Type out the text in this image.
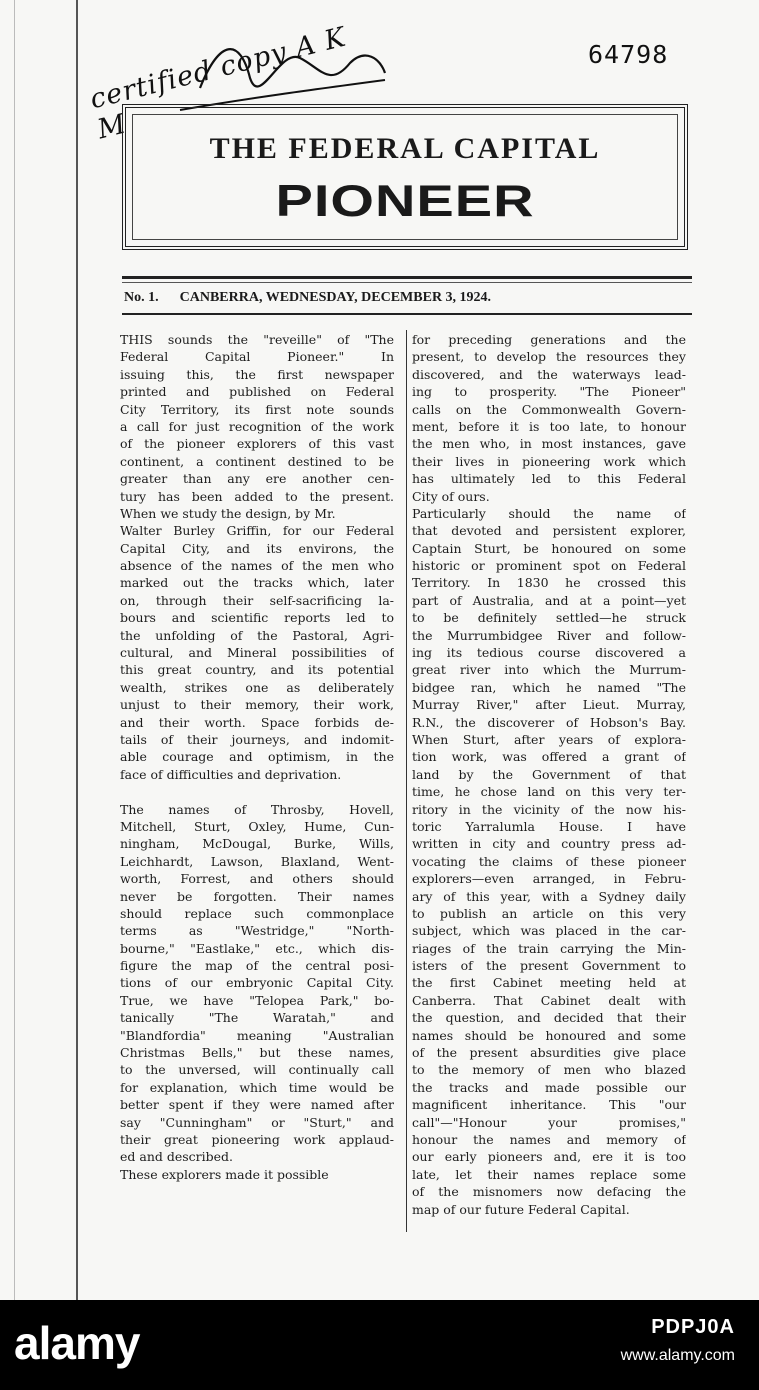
certified copy A K M
64798
THE FEDERAL CAPITAL
PIONEER
No. 1. CANBERRA, WEDNESDAY, DECEMBER 3, 1924.
THIS sounds the "reveille" of "The
Federal Capital Pioneer." In
issuing this, the first newspaper
printed and published on Federal
City Territory, its first note sounds
a call for just recognition of the work
of the pioneer explorers of this vast
continent, a continent destined to be
greater than any ere another cen-
tury has been added to the present.
When we study the design, by Mr.
Walter Burley Griffin, for our Federal
Capital City, and its environs, the
absence of the names of the men who
marked out the tracks which, later
on, through their self-sacrificing la-
bours and scientific reports led to
the unfolding of the Pastoral, Agri-
cultural, and Mineral possibilities of
this great country, and its potential
wealth, strikes one as deliberately
unjust to their memory, their work,
and their worth. Space forbids de-
tails of their journeys, and indomit-
able courage and optimism, in the
face of difficulties and deprivation.

The names of Throsby, Hovell,
Mitchell, Sturt, Oxley, Hume, Cun-
ningham, McDougal, Burke, Wills,
Leichhardt, Lawson, Blaxland, Went-
worth, Forrest, and others should
never be forgotten. Their names
should replace such commonplace
terms as "Westridge," "North-
bourne," "Eastlake," etc., which dis-
figure the map of the central posi-
tions of our embryonic Capital City.
True, we have "Telopea Park," bo-
tanically "The Waratah," and
"Blandfordia" meaning "Australian
Christmas Bells," but these names,
to the unversed, will continually call
for explanation, which time would be
better spent if they were named after
say "Cunningham" or "Sturt," and
their great pioneering work applaud-
ed and described.
These explorers made it possible
for preceding generations and the
present, to develop the resources they
discovered, and the waterways lead-
ing to prosperity. "The Pioneer"
calls on the Commonwealth Govern-
ment, before it is too late, to honour
the men who, in most instances, gave
their lives in pioneering work which
has ultimately led to this Federal
City of ours.
Particularly should the name of
that devoted and persistent explorer,
Captain Sturt, be honoured on some
historic or prominent spot on Federal
Territory. In 1830 he crossed this
part of Australia, and at a point—yet
to be definitely settled—he struck
the Murrumbidgee River and follow-
ing its tedious course discovered a
great river into which the Murrum-
bidgee ran, which he named "The
Murray River," after Lieut. Murray,
R.N., the discoverer of Hobson's Bay.
When Sturt, after years of explora-
tion work, was offered a grant of
land by the Government of that
time, he chose land on this very ter-
ritory in the vicinity of the now his-
toric Yarralumla House. I have
written in city and country press ad-
vocating the claims of these pioneer
explorers—even arranged, in Febru-
ary of this year, with a Sydney daily
to publish an article on this very
subject, which was placed in the car-
riages of the train carrying the Min-
isters of the present Government to
the first Cabinet meeting held at
Canberra. That Cabinet dealt with
the question, and decided that their
names should be honoured and some
of the present absurdities give place
to the memory of men who blazed
the tracks and made possible our
magnificent inheritance. This "our
call"—"Honour your promises,"
honour the names and memory of
our early pioneers and, ere it is too
late, let their names replace some
of the misnomers now defacing the
map of our future Federal Capital.
alamy	PDPJ0A
www.alamy.com
